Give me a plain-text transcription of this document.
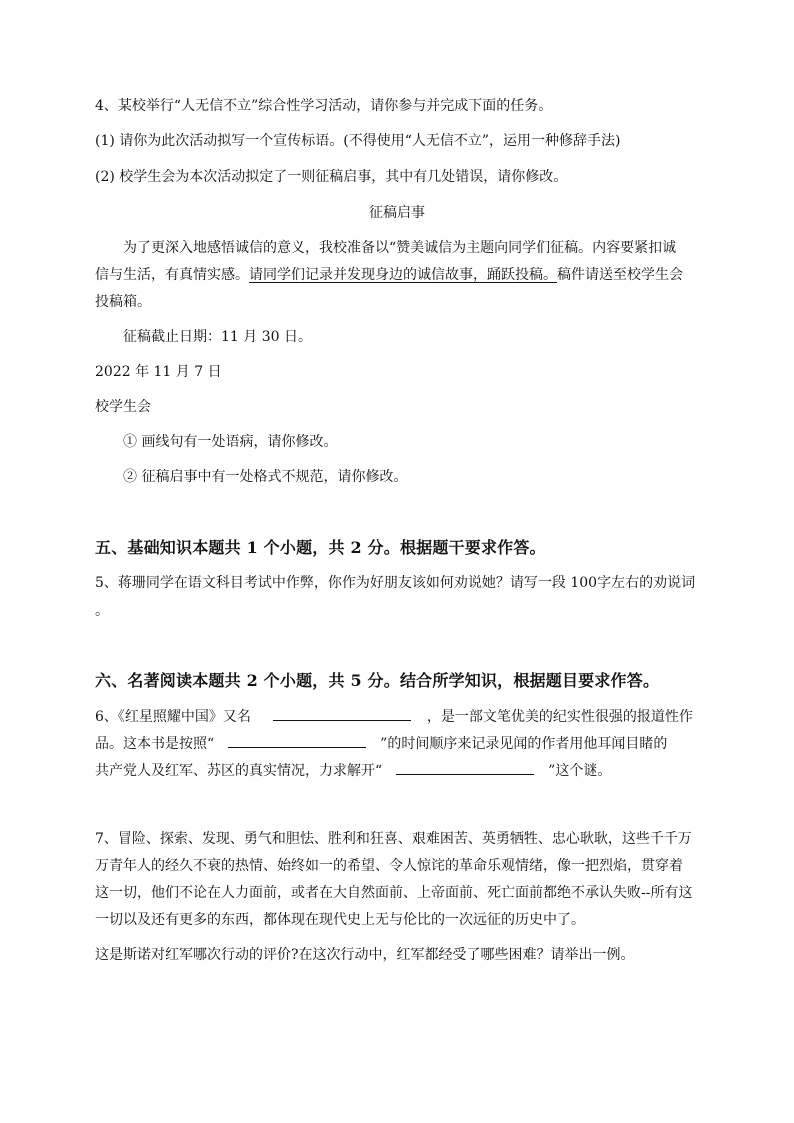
4、某校举行“人无信不立”综合性学习活动，请你参与并完成下面的任务。
(1) 请你为此次活动拟写一个宣传标语。(不得使用“人无信不立”，运用一种修辞手法)
(2) 校学生会为本次活动拟定了一则征稿启事，其中有几处错误，请你修改。
征稿启事
为了更深入地感悟诚信的意义，我校准备以“赞美诚信为主题向同学们征稿。内容要紧扣诚
信与生活，有真情实感。请同学们记录并发现身边的诚信故事，踊跃投稿。稿件请送至校学生会
投稿箱。
征稿截止日期：11 月 30 日。
2022 年 11 月 7 日
校学生会
① 画线句有一处语病，请你修改。
② 征稿启事中有一处格式不规范，请你修改。
五、基础知识本题共 1 个小题，共 2 分。根据题干要求作答。
5、蒋珊同学在语文科目考试中作弊，你作为好朋友该如何劝说她？请写一段 100字左右的劝说词
。
六、名著阅读本题共 2 个小题，共 5 分。结合所学知识，根据题目要求作答。
6、《红星照耀中国》又名	，是一部文笔优美的纪实性很强的报道性作
品。这本书是按照“	”的时间顺序来记录见闻的作者用他耳闻目睹的
共产党人及红军、苏区的真实情况，力求解开“	”这个谜。
7、冒险、探索、发现、勇气和胆怯、胜利和狂喜、艰难困苦、英勇牺牲、忠心耿耿，这些千千万
万青年人的经久不衰的热情、始终如一的希望、令人惊诧的革命乐观情绪，像一把烈焰，贯穿着
这一切，他们不论在人力面前，或者在大自然面前、上帝面前、死亡面前都绝不承认失败--所有这
一切以及还有更多的东西，都体现在现代史上无与伦比的一次远征的历史中了。
这是斯诺对红军哪次行动的评价?在这次行动中，红军都经受了哪些困难？请举出一例。
